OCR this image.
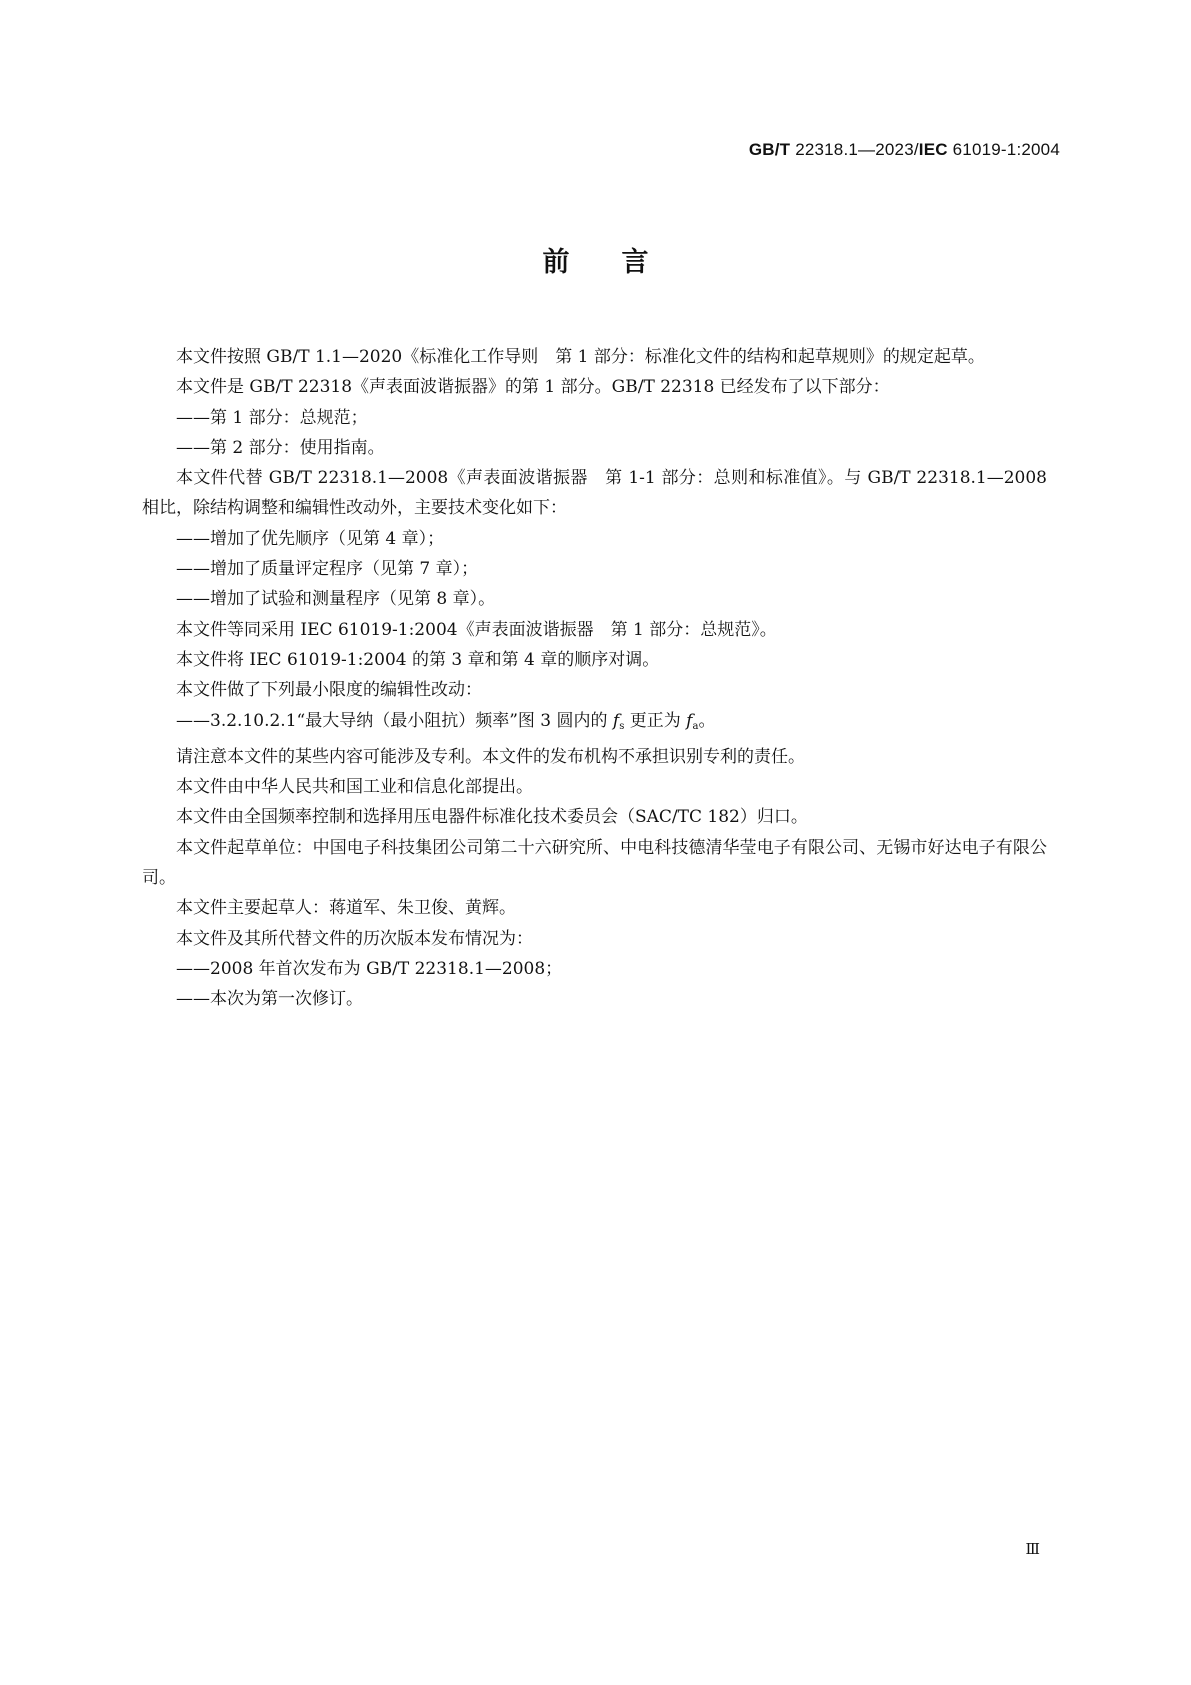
GB/T 22318.1—2023/IEC 61019-1:2004
前言

本文件按照 GB/T 1.1—2020《标准化工作导则　第 1 部分：标准化文件的结构和起草规则》的规定起草。

本文件是 GB/T 22318《声表面波谐振器》的第 1 部分。GB/T 22318 已经发布了以下部分：

——第 1 部分：总规范；

——第 2 部分：使用指南。

本文件代替 GB/T 22318.1—2008《声表面波谐振器　第 1-1 部分：总则和标准值》。与 GB/T 22318.1—2008 相比，除结构调整和编辑性改动外，主要技术变化如下：

——增加了优先顺序（见第 4 章）；

——增加了质量评定程序（见第 7 章）；

——增加了试验和测量程序（见第 8 章）。

本文件等同采用 IEC 61019-1:2004《声表面波谐振器　第 1 部分：总规范》。

本文件将 IEC 61019-1:2004 的第 3 章和第 4 章的顺序对调。

本文件做了下列最小限度的编辑性改动：

——3.2.10.2.1“最大导纳（最小阻抗）频率”图 3 圆内的 $f_s$ 更正为 $f_a$。

请注意本文件的某些内容可能涉及专利。本文件的发布机构不承担识别专利的责任。

本文件由中华人民共和国工业和信息化部提出。

本文件由全国频率控制和选择用压电器件标准化技术委员会（SAC/TC 182）归口。

本文件起草单位：中国电子科技集团公司第二十六研究所、中电科技德清华莹电子有限公司、无锡市好达电子有限公司。

本文件主要起草人：蒋道军、朱卫俊、黄辉。

本文件及其所代替文件的历次版本发布情况为：

——2008 年首次发布为 GB/T 22318.1—2008；

——本次为第一次修订。

Ⅲ
